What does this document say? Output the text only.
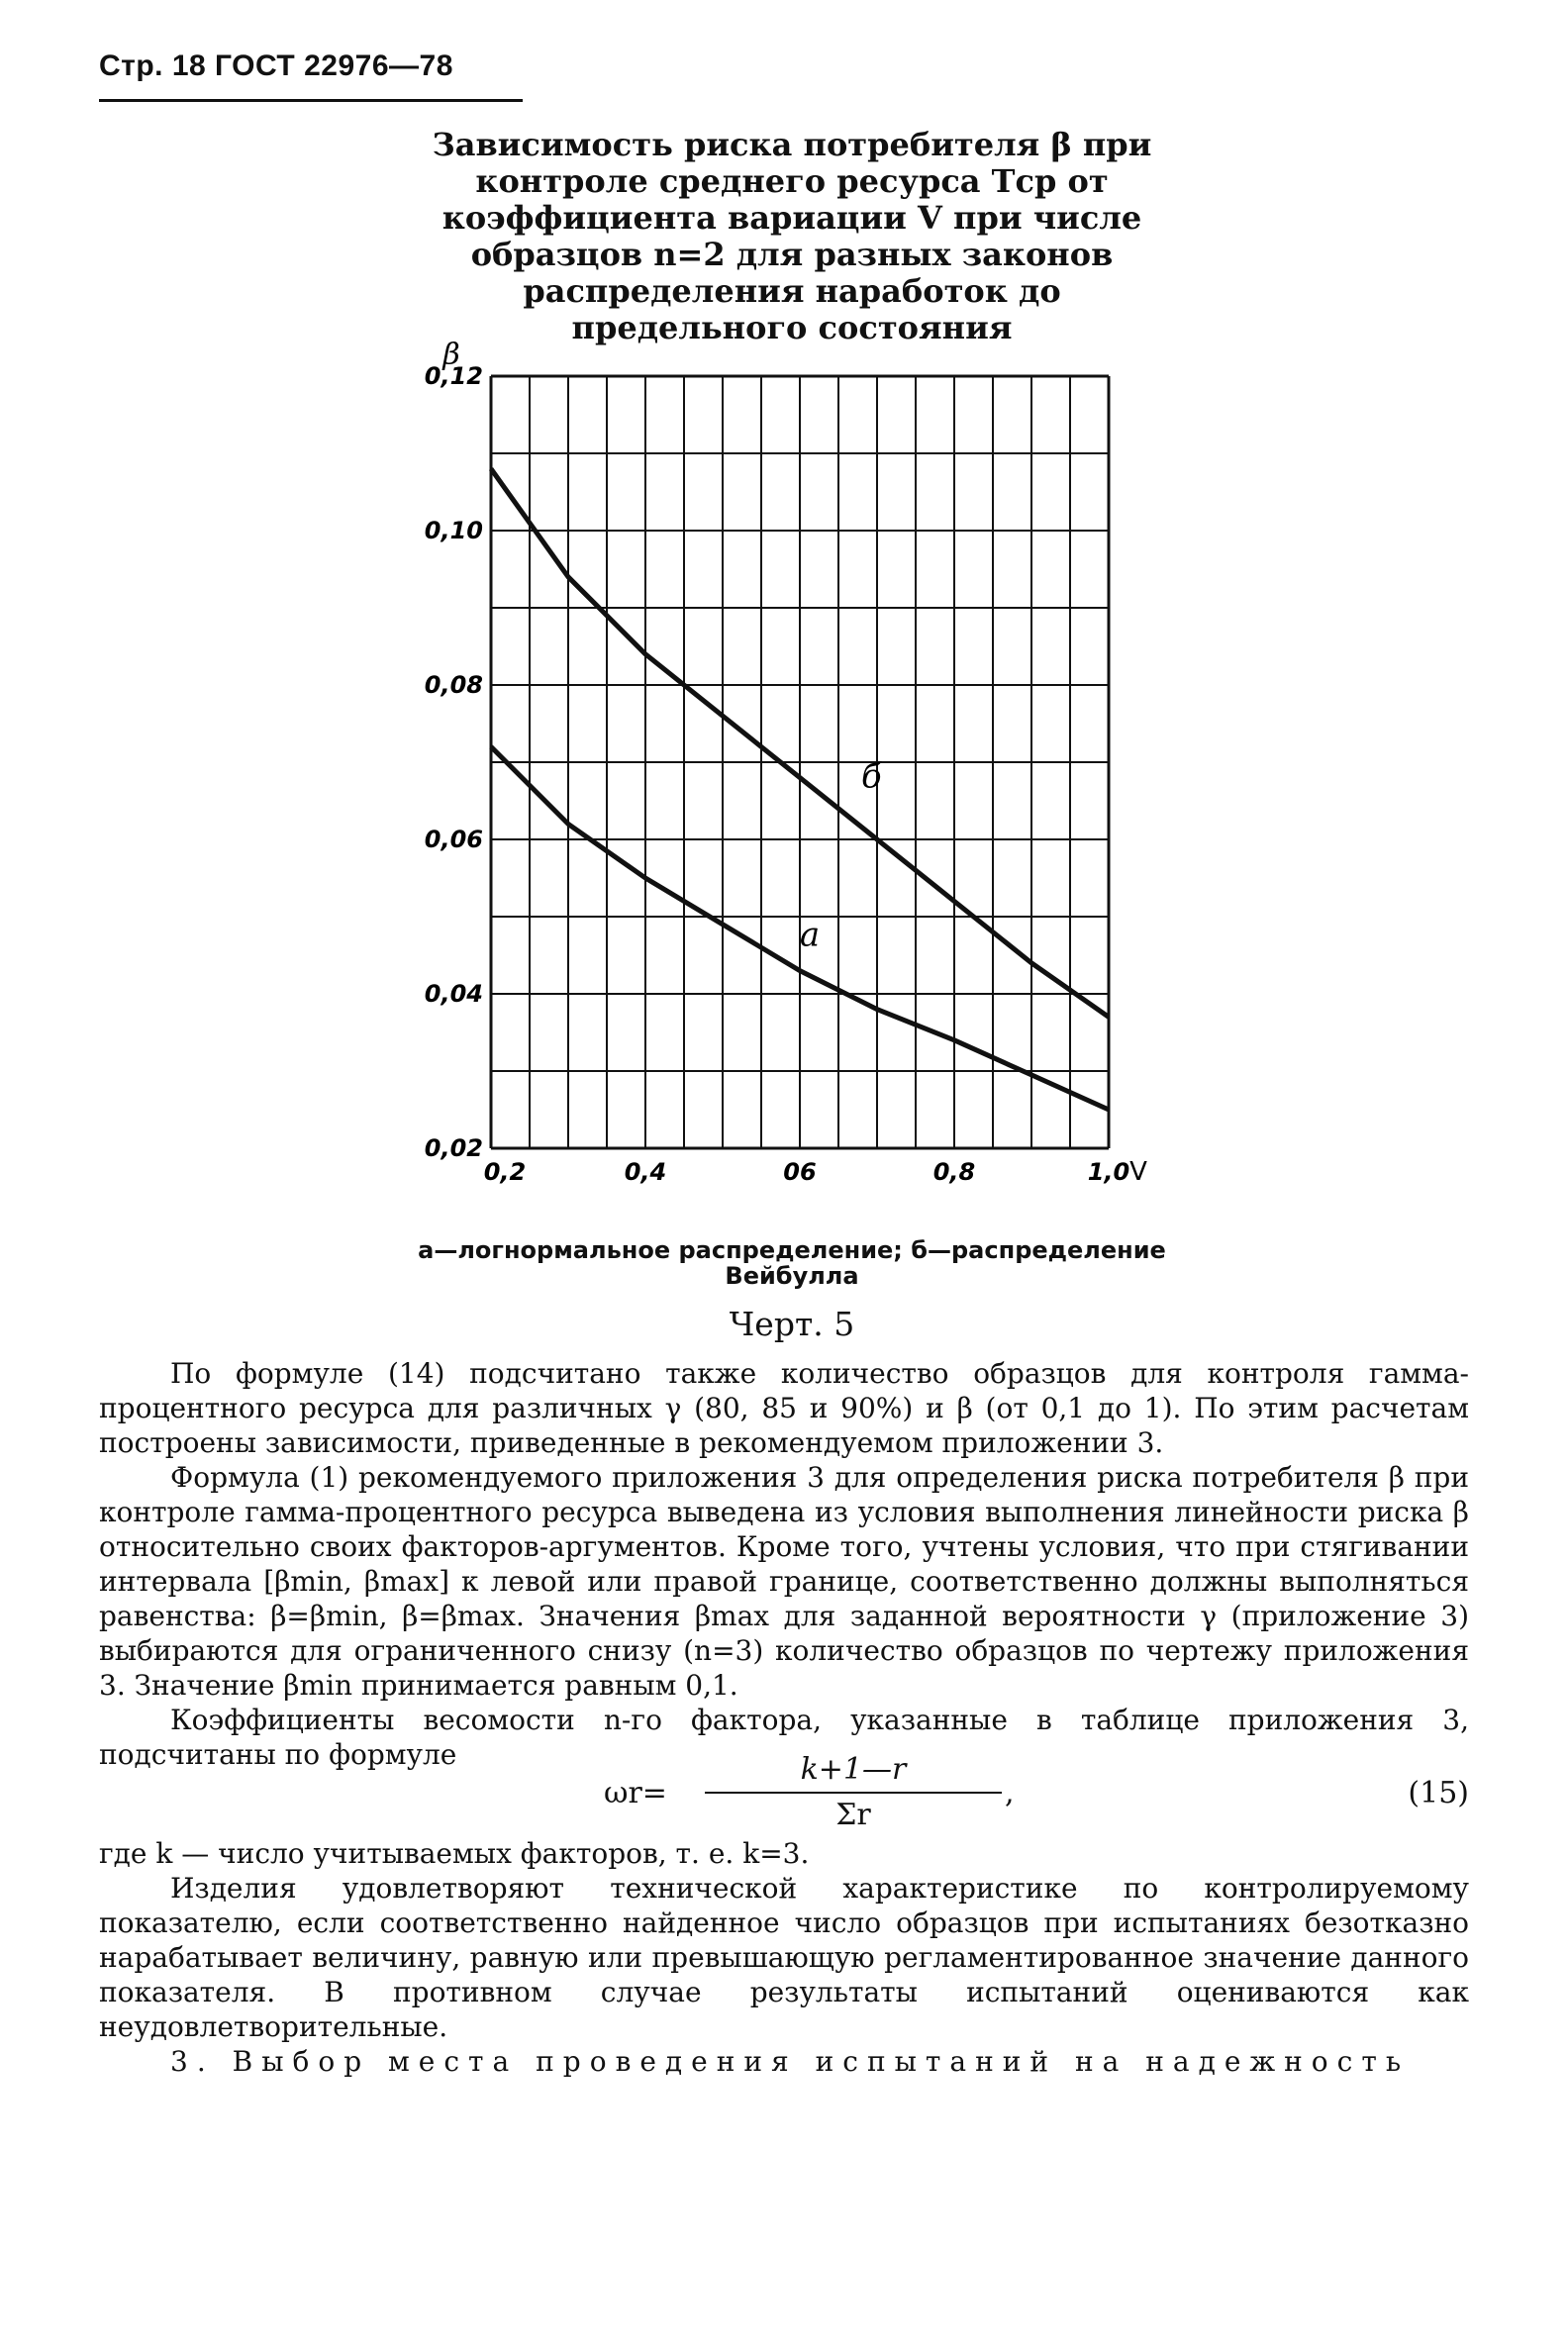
Стр. 18 ГОСТ 22976—78
Зависимость риска потребителя β при контроле среднего ресурса Tср от коэффициента вариации V при числе образцов n=2 для разных законов распределения наработок до предельного состояния
0,02
0,04
0,06
0,08
0,10
0,12
0,2	0,4	06	0,8	1,0 V
β
а
б
а—логнормальное распределение; б—распределение
Вейбулла
Черт. 5

По формуле (14) подсчитано также количество образцов для контроля гамма-процентного ресурса для различных γ (80, 85 и 90%) и β (от 0,1 до 1). По этим расчетам построены зависимости, приведенные в рекомендуемом приложении 3.

Формула (1) рекомендуемого приложения 3 для определения риска потребителя β при контроле гамма-процентного ресурса выведена из условия выполнения линейности риска β относительно своих факторов-аргументов. Кроме того, учтены условия, что при стягивании интервала [βmin, βmax] к левой или правой границе, соответственно должны выполняться равенства: β=βmin, β=βmax. Значения βmax для заданной вероятности γ (приложение 3) выбираются для ограниченного снизу (n=3) количество образцов по чертежу приложения 3. Значение βmin принимается равным 0,1.

Коэффициенты весомости n-го фактора, указанные в таблице приложения 3, подсчитаны по формуле

ωr=
k+1—r
Σr
,	(15)

где k — число учитываемых факторов, т. е. k=3.

Изделия удовлетворяют технической характеристике по контролируемому показателю, если соответственно найденное число образцов при испытаниях безотказно нарабатывает величину, равную или превышающую регламентированное значение данного показателя. В противном случае результаты испытаний оцениваются как неудовлетворительные.

3. Выбор места проведения испытаний на надежность
